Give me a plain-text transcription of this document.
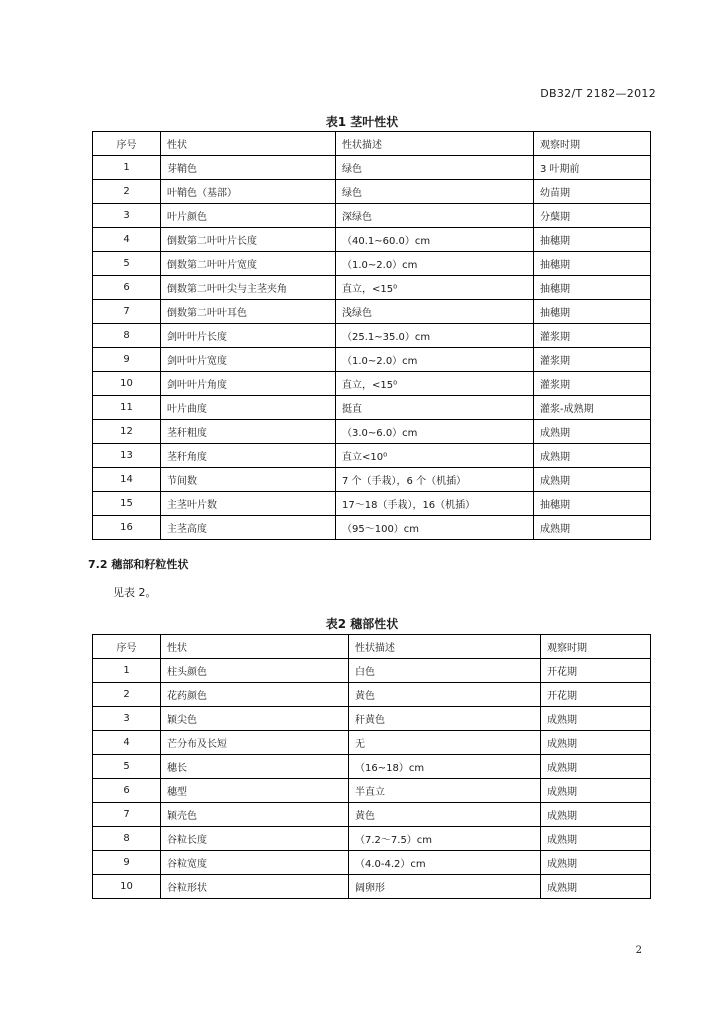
DB32/T 2182—2012
表1 茎叶性状
序号	性状	性状描述	观察时期
1	芽鞘色	绿色	3 叶期前
2	叶鞘色（基部）	绿色	幼苗期
3	叶片颜色	深绿色	分蘖期
4	倒数第二叶叶片长度	（40.1~60.0）cm	抽穗期
5	倒数第二叶叶片宽度	（1.0~2.0）cm	抽穗期
6	倒数第二叶叶尖与主茎夹角	直立，<15⁰	抽穗期
7	倒数第二叶叶耳色	浅绿色	抽穗期
8	剑叶叶片长度	（25.1~35.0）cm	灌浆期
9	剑叶叶片宽度	（1.0~2.0）cm	灌浆期
10	剑叶叶片角度	直立，<15⁰	灌浆期
11	叶片曲度	挺直	灌浆-成熟期
12	茎秆粗度	（3.0~6.0）cm	成熟期
13	茎秆角度	直立<10⁰	成熟期
14	节间数	7 个（手栽），6 个（机插）	成熟期
15	主茎叶片数	17～18（手栽），16（机插）	抽穗期
16	主茎高度	（95～100）cm	成熟期
7.2 穗部和籽粒性状
见表 2。
表2 穗部性状
序号	性状	性状描述	观察时期
1	柱头颜色	白色	开花期
2	花药颜色	黄色	开花期
3	颖尖色	秆黄色	成熟期
4	芒分布及长短	无	成熟期
5	穗长	（16~18）cm	成熟期
6	穗型	半直立	成熟期
7	颖壳色	黄色	成熟期
8	谷粒长度	（7.2～7.5）cm	成熟期
9	谷粒宽度	（4.0-4.2）cm	成熟期
10	谷粒形状	阔卵形	成熟期
2
